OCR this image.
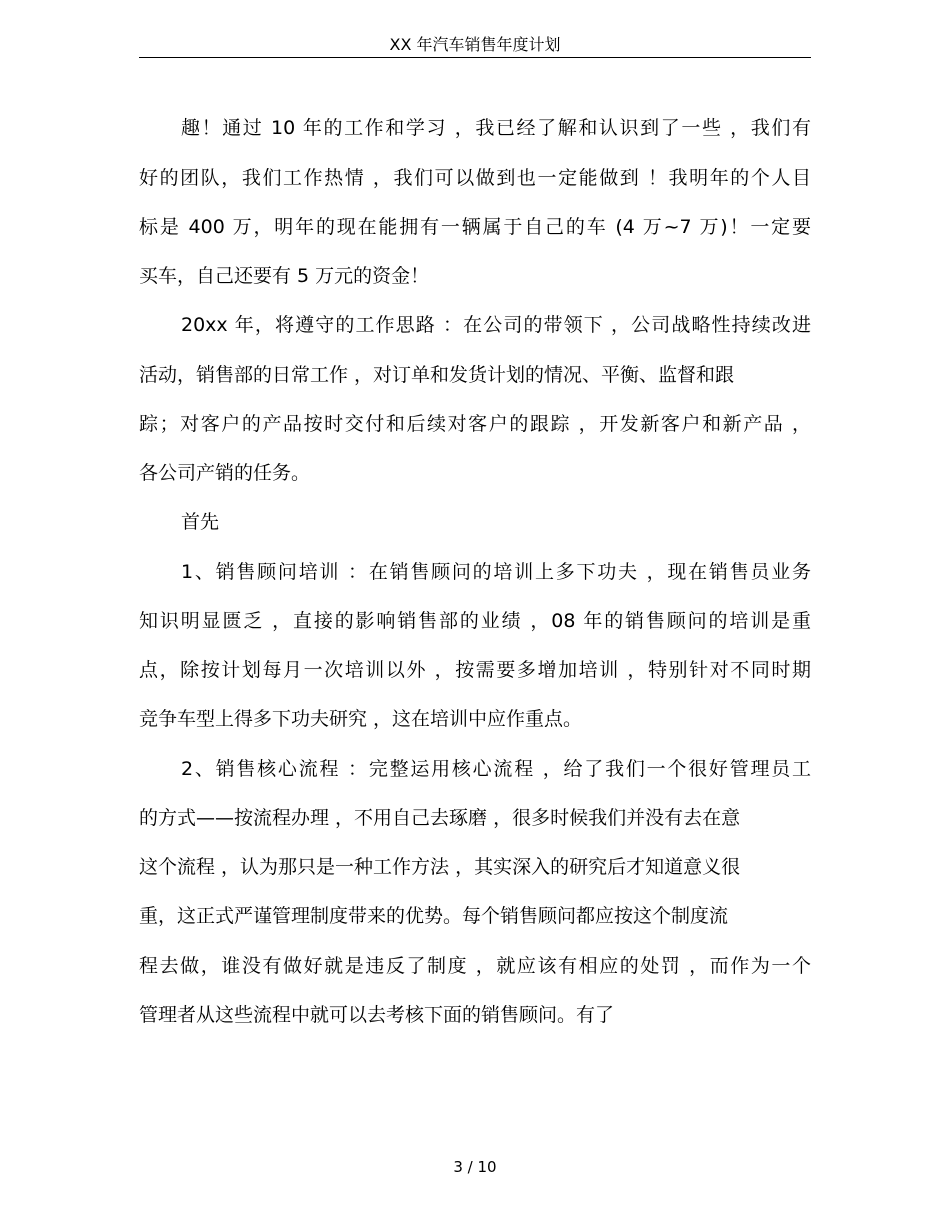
XX 年汽车销售年度计划
趣！通过 10 年的工作和学习 ，我已经了解和认识到了一些 ，我们有
好的团队，我们工作热情 ，我们可以做到也一定能做到 ！我明年的个人目
标是 400 万，明年的现在能拥有一辆属于自己的车 (4 万~7 万)！一定要
买车，自己还要有 5 万元的资金！
20xx 年，将遵守的工作思路 ：在公司的带领下 ，公司战略性持续改进
活动，销售部的日常工作 ，对订单和发货计划的情况、平衡、监督和跟
踪；对客户的产品按时交付和后续对客户的跟踪 ，开发新客户和新产品 ，
各公司产销的任务。
首先
1、销售顾问培训 ：在销售顾问的培训上多下功夫 ，现在销售员业务
知识明显匮乏 ，直接的影响销售部的业绩 ，08 年的销售顾问的培训是重
点，除按计划每月一次培训以外 ，按需要多增加培训 ，特别针对不同时期
竞争车型上得多下功夫研究 ，这在培训中应作重点。
2、销售核心流程 ：完整运用核心流程 ，给了我们一个很好管理员工
的方式——按流程办理 ，不用自己去琢磨 ，很多时候我们并没有去在意
这个流程 ，认为那只是一种工作方法 ，其实深入的研究后才知道意义很
重，这正式严谨管理制度带来的优势。每个销售顾问都应按这个制度流
程去做，谁没有做好就是违反了制度 ，就应该有相应的处罚 ，而作为一个
管理者从这些流程中就可以去考核下面的销售顾问。有了
3 / 10
